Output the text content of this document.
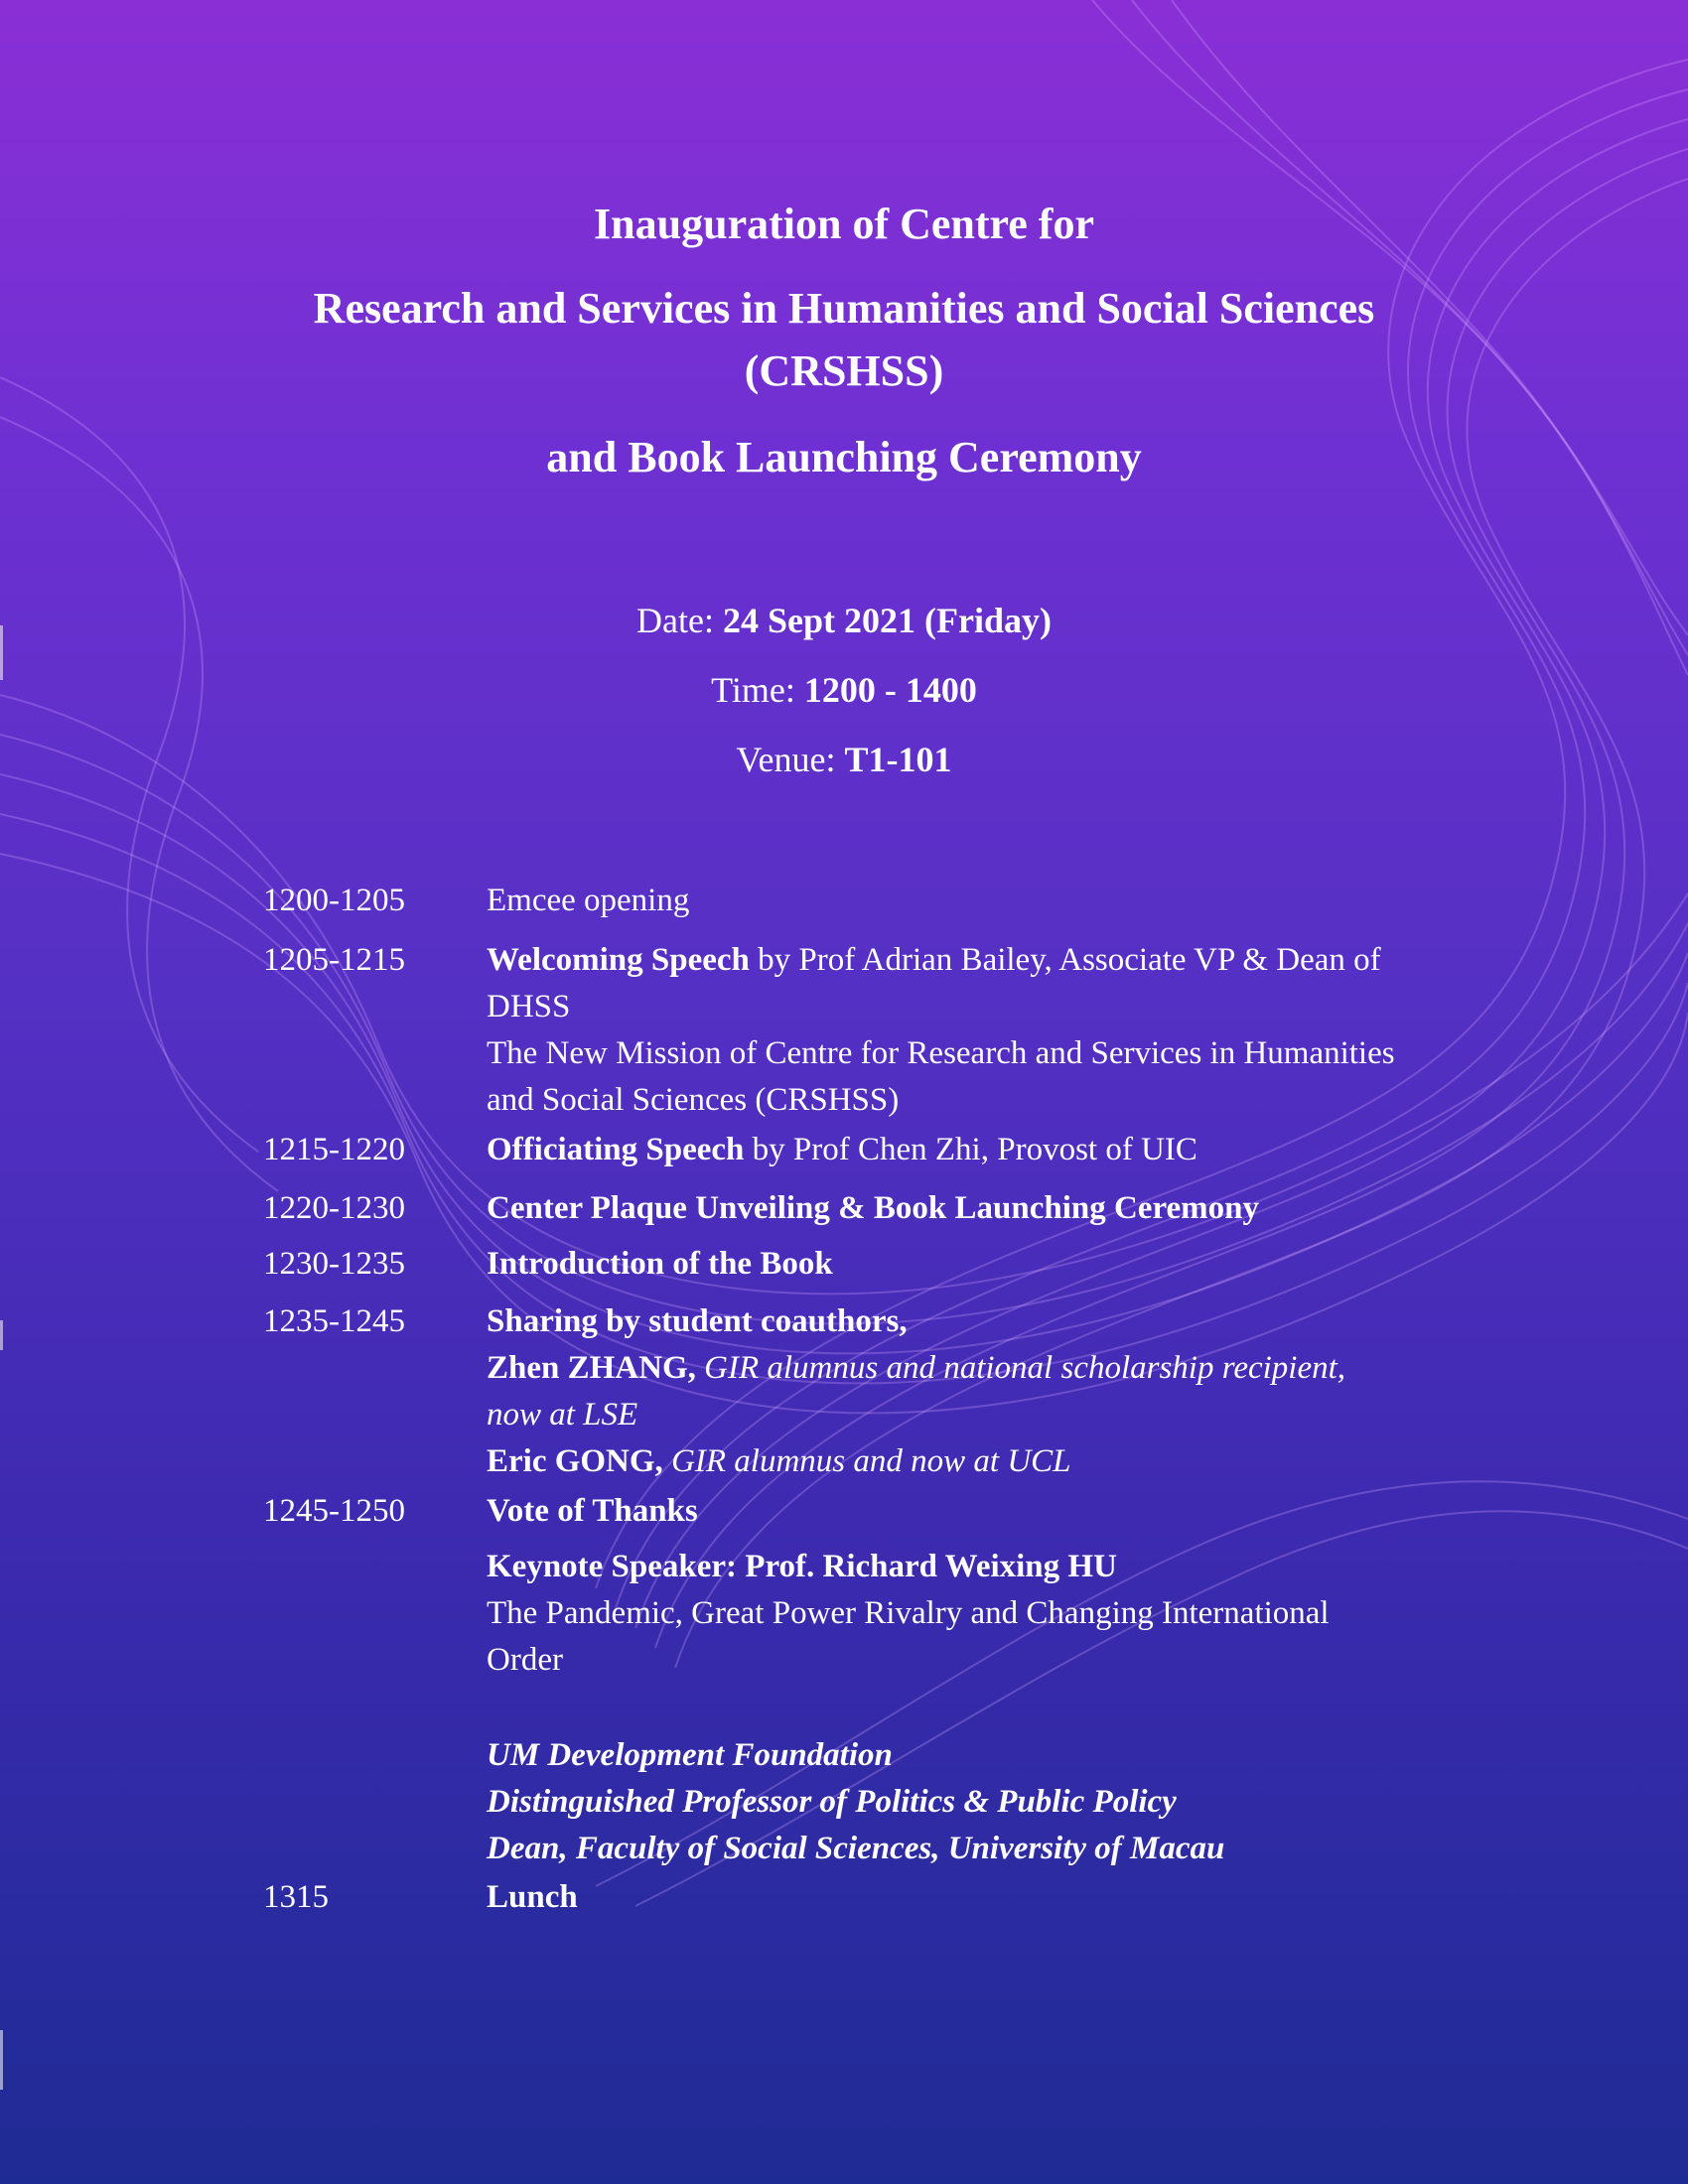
Inauguration of Centre for
Research and Services in Humanities and Social Sciences
(CRSHSS)
and Book Launching Ceremony
Date: 24 Sept 2021 (Friday)
Time: 1200 - 1400
Venue: T1-101
1200-1205 Emcee opening
1205-1215 Welcoming Speech by Prof Adrian Bailey, Associate VP & Dean of
DHSS
The New Mission of Centre for Research and Services in Humanities
and Social Sciences (CRSHSS)
1215-1220 Officiating Speech by Prof Chen Zhi, Provost of UIC
1220-1230 Center Plaque Unveiling & Book Launching Ceremony
1230-1235 Introduction of the Book
1235-1245 Sharing by student coauthors,
Zhen ZHANG, GIR alumnus and national scholarship recipient,
now at LSE
Eric GONG, GIR alumnus and now at UCL
1245-1250 Vote of Thanks
Keynote Speaker: Prof. Richard Weixing HU
The Pandemic, Great Power Rivalry and Changing International
Order
UM Development Foundation
Distinguished Professor of Politics & Public Policy
Dean, Faculty of Social Sciences, University of Macau
1315	Lunch
